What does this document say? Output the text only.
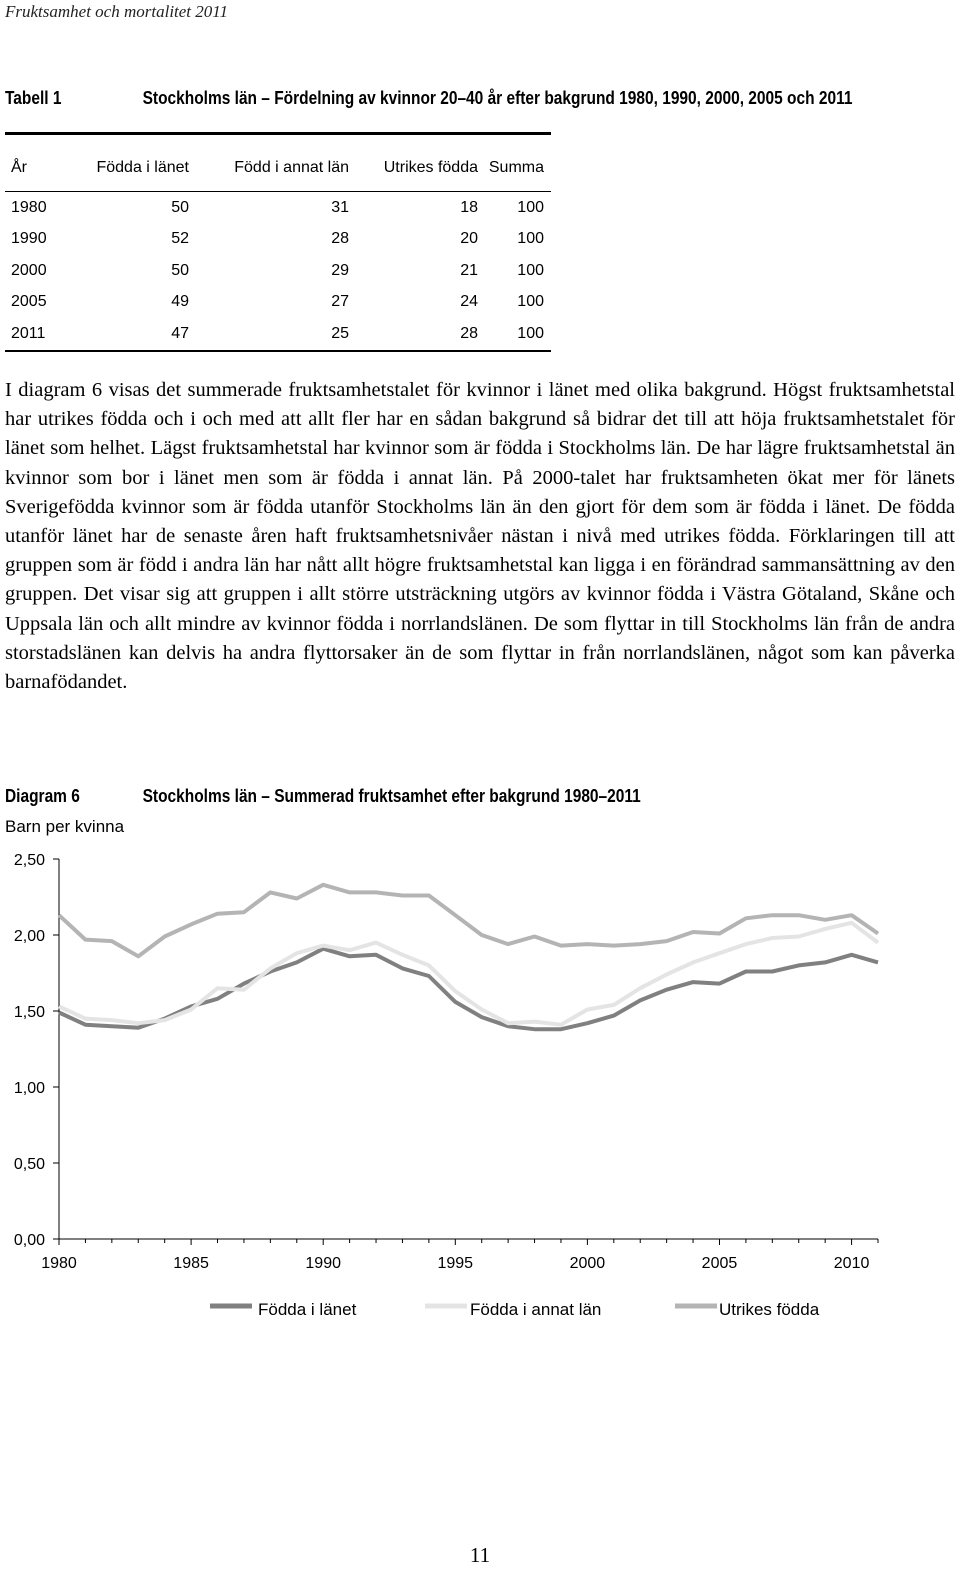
Fruktsamhet och mortalitet 2011
Tabell 1	Stockholms län – Fördelning av kvinnor 20–40 år efter bakgrund 1980, 1990, 2000, 2005 och 2011
År	Födda i länet	Född i annat län	Utrikes födda	Summa
1980	50	31	18	100
1990	52	28	20	100
2000	50	29	21	100
2005	49	27	24	100
2011	47	25	28	100

I diagram 6 visas det summerade fruktsamhetstalet för kvinnor i länet med olika bakgrund. Högst fruktsamhetstal har utrikes födda och i och med att allt fler har en sådan bakgrund så bidrar det till att höja fruktsamhetstalet för länet som helhet. Lägst fruktsamhetstal har kvinnor som är födda i Stockholms län. De har lägre fruktsamhetstal än kvinnor som bor i länet men som är födda i annat län. På 2000-talet har fruktsamheten ökat mer för länets Sverigefödda kvinnor som är födda utanför Stockholms län än den gjort för dem som är födda i länet. De födda utanför länet har de senaste åren haft fruktsamhetsnivåer nästan i nivå med utrikes födda. Förklaringen till att gruppen som är född i andra län har nått allt högre fruktsamhetstal kan ligga i en förändrad sammansättning av den gruppen. Det visar sig att gruppen i allt större utsträckning utgörs av kvinnor födda i Västra Götaland, Skåne och Uppsala län och allt mindre av kvinnor födda i norrlandslänen. De som flyttar in till Stockholms län från de andra storstadslänen kan delvis ha andra flyttorsaker än de som flyttar in från norrlandslänen, något som kan påverka barnafödandet.

Diagram 6	Stockholms län – Summerad fruktsamhet efter bakgrund 1980–2011
Barn per kvinna
0,00
0,50
1,00
1,50
2,00
2,50
1980	1985	1990	1995	2000	2005	2010
Födda i länet	Födda i annat län	Utrikes födda
11
